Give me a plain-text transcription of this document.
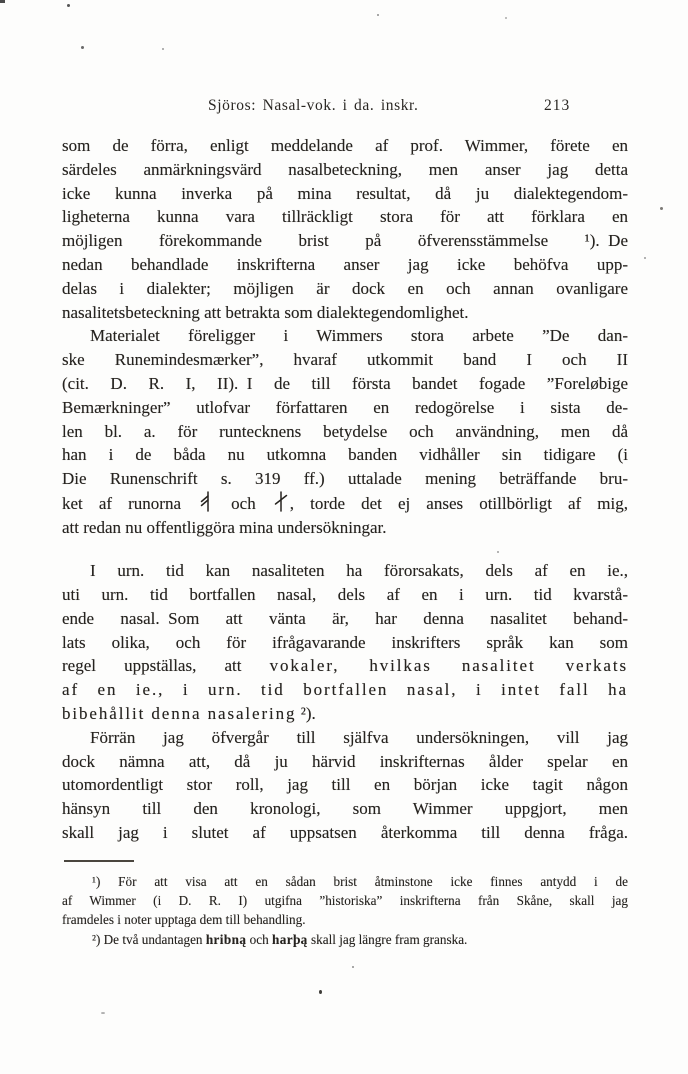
Sjöros: Nasal-vok. i da. inskr.	213
som de förra, enligt meddelande af prof. Wimmer, förete en
särdeles anmärkningsvärd nasalbeteckning, men anser jag detta
icke kunna inverka på mina resultat, då ju dialektegendom-
ligheterna kunna vara tillräckligt stora för att förklara en
möjligen förekommande brist på öfverensstämmelse ¹). De
nedan behandlade inskrifterna anser jag icke behöfva upp-
delas i dialekter; möjligen är dock en och annan ovanligare
nasalitetsbeteckning att betrakta som dialektegendomlighet.
Materialet föreligger i Wimmers stora arbete ”De dan-
ske Runemindesmærker”, hvaraf utkommit band I och II
(cit. D. R. I, II). I de till första bandet fogade ”Foreløbige
Bemærkninger” utlofvar författaren en redogörelse i sista de-
len bl. a. för runtecknens betydelse och användning, men då
han i de båda nu utkomna banden vidhåller sin tidigare (i
Die Runenschrift s. 319 ff.) uttalade mening beträffande bru-
ket af runorna
och
, torde det ej anses otillbörligt af mig,
att redan nu offentliggöra mina undersökningar.
I urn. tid kan nasaliteten ha förorsakats, dels af en ie.,
uti urn. tid bortfallen nasal, dels af en i urn. tid kvarstå-
ende nasal. Som att vänta är, har denna nasalitet behand-
lats olika, och för ifrågavarande inskrifters språk kan som
regel uppställas, att vokaler, hvilkas nasalitet verkats
af en ie., i urn. tid bortfallen nasal, i intet fall ha
bibehållit denna nasalering ²).
Förrän jag öfvergår till själfva undersökningen, vill jag
dock nämna att, då ju härvid inskrifternas ålder spelar en
utomordentligt stor roll, jag till en början icke tagit någon
hänsyn till den kronologi, som Wimmer uppgjort, men
skall jag i slutet af uppsatsen återkomma till denna fråga.
¹) För att visa att en sådan brist åtminstone icke finnes antydd i de
af Wimmer (i D. R. I) utgifna ”historiska” inskrifterna från Skåne, skall jag
framdeles i noter upptaga dem till behandling.
²) De två undantagen hribną och harþą skall jag längre fram granska.
